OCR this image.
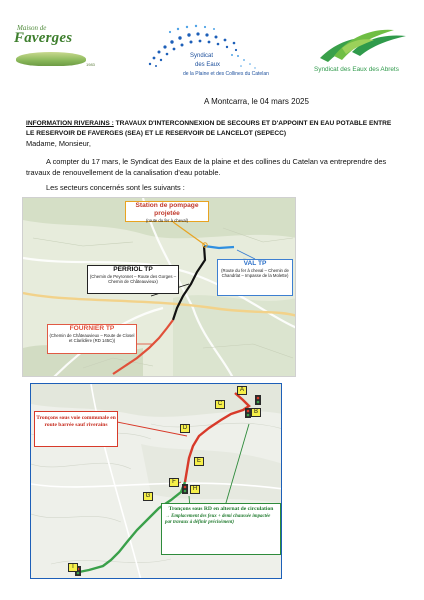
Maison de
Faverges
1983
Syndicat
des Eaux
de la Plaine et des Collines du Catelan
Syndicat des Eaux des Abrets
A Montcarra, le 04 mars 2025
INFORMATION RIVERAINS : TRAVAUX D'INTERCONNEXION DE SECOURS ET D'APPOINT EN EAU POTABLE ENTRE LE RESERVOIR DE FAVERGES (SEA) ET LE RESERVOIR DE LANCELOT (SEPECC)
Madame, Monsieur,
A compter du 17 mars, le Syndicat des Eaux de la plaine et des collines du Catelan va entreprendre des travaux de renouvellement de la canalisation d'eau potable.
Les secteurs concernés sont les suivants :
Station de pompage projetée
(route du fer à cheval)
PERRIOL TP
(Chemin de Peyronnet – Route des Gorges – Chemin de Châteauvieux)
VAL TP
(Route du fer à cheval – Chemin de Chandrlat – Impasse de la Molette)
FOURNIER TP
(Chemin de Châteauvieux – Route de Closel et Clarildère (RD 145C))
A
B
C
D
E
F
G
H
I
Tronçons sous voie communale en route barrée sauf riverains
Tronçons sous RD en alternat de circulation
→ Emplacement des feux + demi chaussée impactée par travaux à définir précisément)
